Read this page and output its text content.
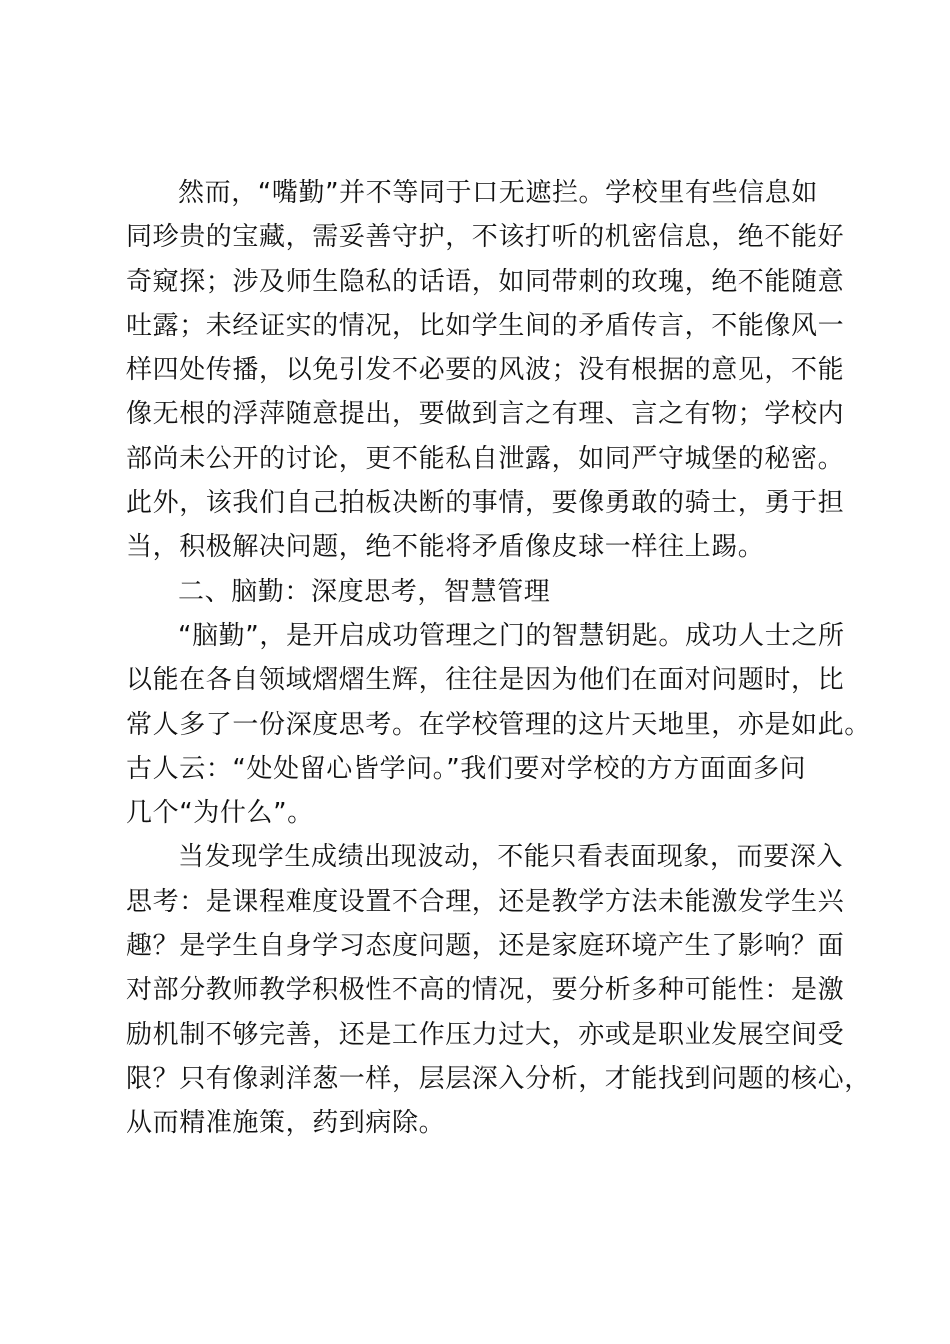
然而，“嘴勤”并不等同于口无遮拦。学校里有些信息如
同珍贵的宝藏，需妥善守护，不该打听的机密信息，绝不能好
奇窥探；涉及师生隐私的话语，如同带刺的玫瑰，绝不能随意
吐露；未经证实的情况，比如学生间的矛盾传言，不能像风一
样四处传播，以免引发不必要的风波；没有根据的意见，不能
像无根的浮萍随意提出，要做到言之有理、言之有物；学校内
部尚未公开的讨论，更不能私自泄露，如同严守城堡的秘密。
此外，该我们自己拍板决断的事情，要像勇敢的骑士，勇于担
当，积极解决问题，绝不能将矛盾像皮球一样往上踢。
二、脑勤：深度思考，智慧管理
“脑勤”，是开启成功管理之门的智慧钥匙。成功人士之所
以能在各自领域熠熠生辉，往往是因为他们在面对问题时，比
常人多了一份深度思考。在学校管理的这片天地里，亦是如此。
古人云：“处处留心皆学问。”我们要对学校的方方面面多问
几个“为什么”。
当发现学生成绩出现波动，不能只看表面现象，而要深入
思考：是课程难度设置不合理，还是教学方法未能激发学生兴
趣？是学生自身学习态度问题，还是家庭环境产生了影响？面
对部分教师教学积极性不高的情况，要分析多种可能性：是激
励机制不够完善，还是工作压力过大，亦或是职业发展空间受
限？只有像剥洋葱一样，层层深入分析，才能找到问题的核心，
从而精准施策，药到病除。
